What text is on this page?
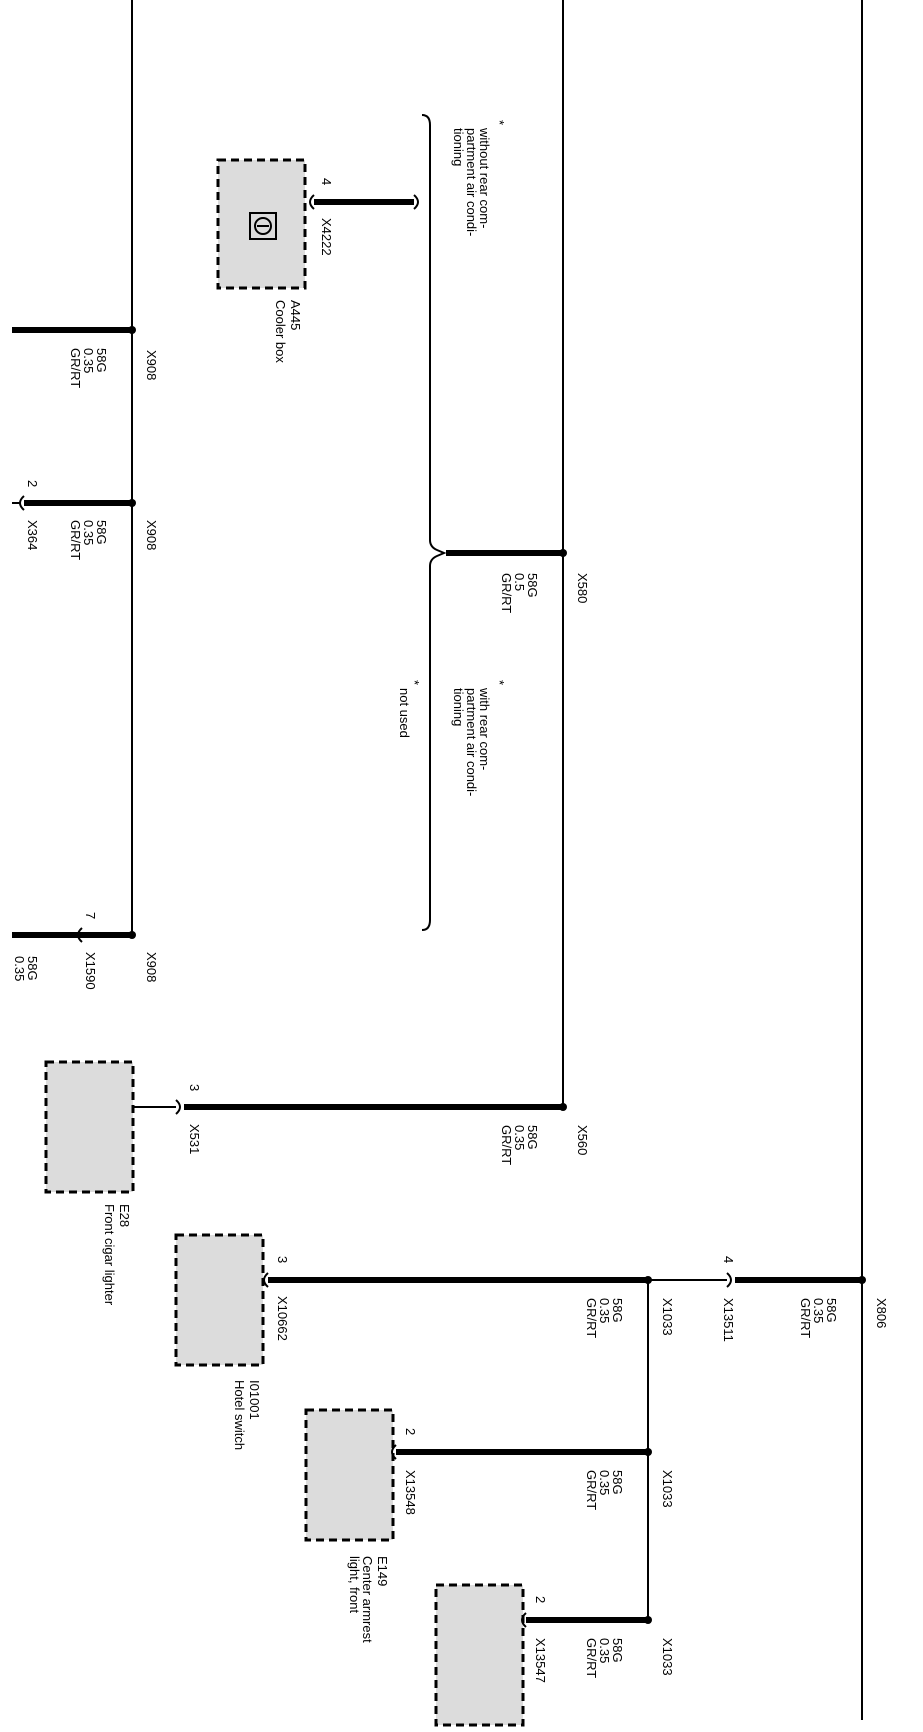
X908
58G
0.35
GR/RT
X908
58G
0.35
GR/RT
2
X364
X908
7
X1590
58G
0.35
4
X4222
A445
Cooler box
*
without rear com-
partment air condi-
tioning
X580
58G
0.5
GR/RT
*
with rear com-
partment air condi-
tioning
*
not used
3
X531	X560
58G
0.35
GR/RT
E28
Front cigar lighter
X806
58G
0.35
GR/RT
4
X13511
X1033
58G
0.35
GR/RT
3
X10662
I01001
Hotel switch
X1033
58G
0.35
GR/RT
2
X13548
E149
Center armrest
light, front
X1033
58G
0.35
GR/RT
2
X13547
